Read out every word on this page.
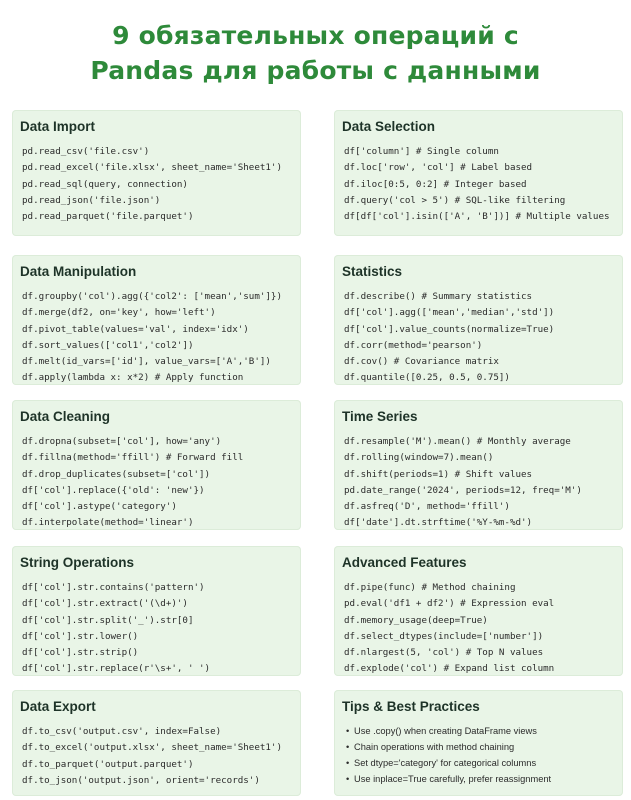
9 обязательных операций с
Pandas для работы с данными
Data Import
pd.read_csv('file.csv')
pd.read_excel('file.xlsx', sheet_name='Sheet1')
pd.read_sql(query, connection)
pd.read_json('file.json')
pd.read_parquet('file.parquet')
Data Selection
df['column'] # Single column
df.loc['row', 'col'] # Label based
df.iloc[0:5, 0:2] # Integer based
df.query('col > 5') # SQL-like filtering
df[df['col'].isin(['A', 'B'])] # Multiple values
Data Manipulation
df.groupby('col').agg({'col2': ['mean','sum']})
df.merge(df2, on='key', how='left')
df.pivot_table(values='val', index='idx')
df.sort_values(['col1','col2'])
df.melt(id_vars=['id'], value_vars=['A','B'])
df.apply(lambda x: x*2) # Apply function
Statistics
df.describe() # Summary statistics
df['col'].agg(['mean','median','std'])
df['col'].value_counts(normalize=True)
df.corr(method='pearson')
df.cov() # Covariance matrix
df.quantile([0.25, 0.5, 0.75])
Data Cleaning
df.dropna(subset=['col'], how='any')
df.fillna(method='ffill') # Forward fill
df.drop_duplicates(subset=['col'])
df['col'].replace({'old': 'new'})
df['col'].astype('category')
df.interpolate(method='linear')
Time Series
df.resample('M').mean() # Monthly average
df.rolling(window=7).mean()
df.shift(periods=1) # Shift values
pd.date_range('2024', periods=12, freq='M')
df.asfreq('D', method='ffill')
df['date'].dt.strftime('%Y-%m-%d')
String Operations
df['col'].str.contains('pattern')
df['col'].str.extract('(\d+)')
df['col'].str.split('_').str[0]
df['col'].str.lower()
df['col'].str.strip()
df['col'].str.replace(r'\s+', ' ')
Advanced Features
df.pipe(func) # Method chaining
pd.eval('df1 + df2') # Expression eval
df.memory_usage(deep=True)
df.select_dtypes(include=['number'])
df.nlargest(5, 'col') # Top N values
df.explode('col') # Expand list column
Data Export
df.to_csv('output.csv', index=False)
df.to_excel('output.xlsx', sheet_name='Sheet1')
df.to_parquet('output.parquet')
df.to_json('output.json', orient='records')
Tips & Best Practices
• Use .copy() when creating DataFrame views
• Chain operations with method chaining
• Set dtype='category' for categorical columns
• Use inplace=True carefully, prefer reassignment
